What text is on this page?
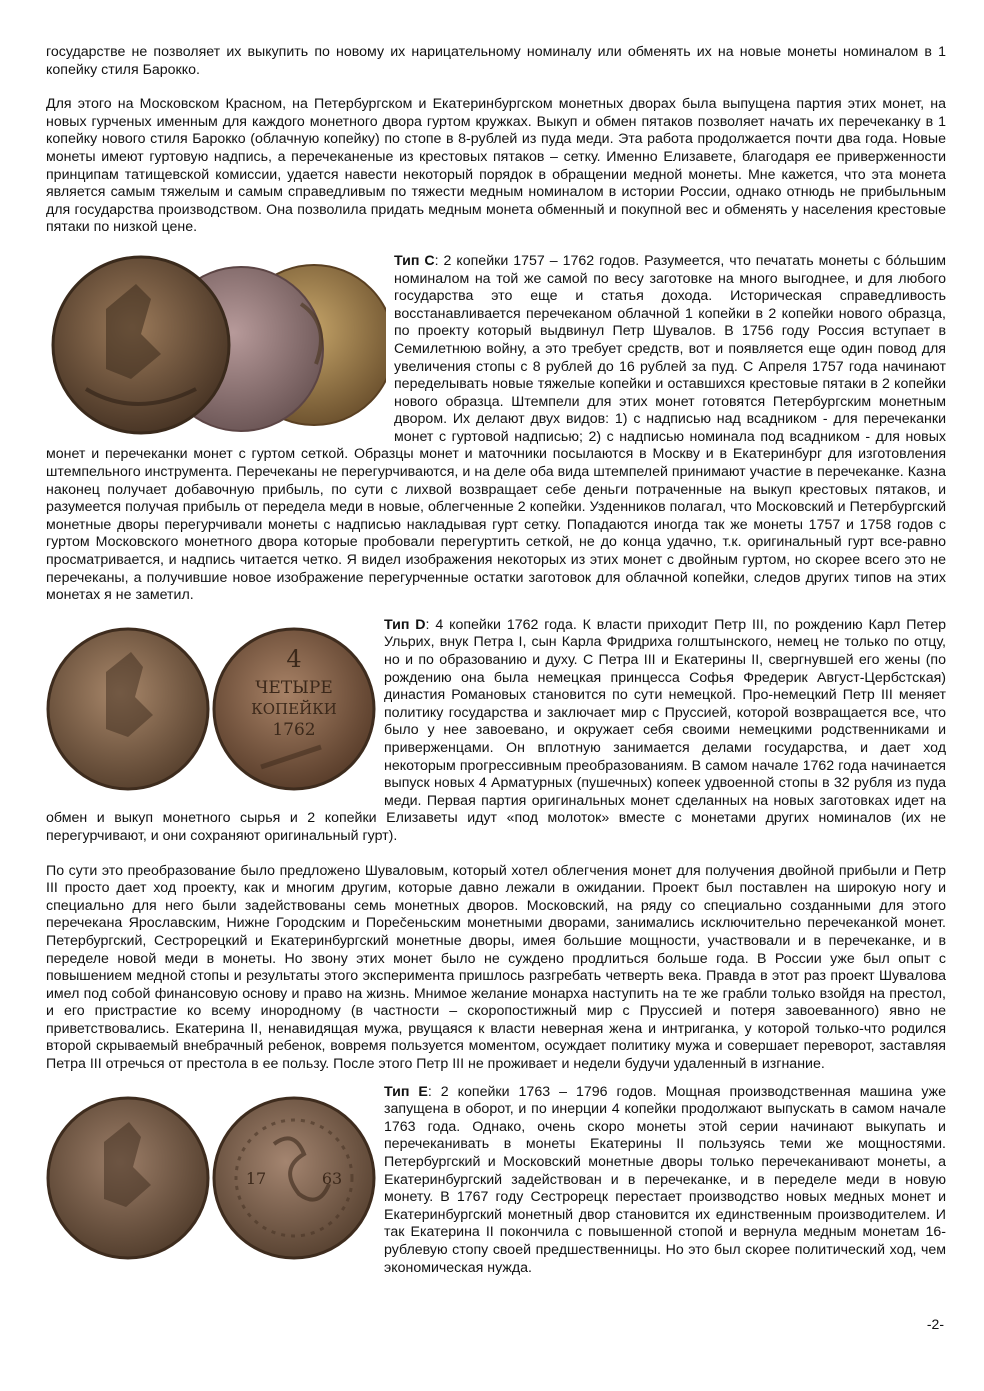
государстве не позволяет их выкупить по новому их нарицательному номиналу или обменять их на новые монеты номиналом в 1 копейку стиля Барокко.

Для этого на Московском Красном, на Петербургском и Екатеринбургском монетных дворах была выпущена партия этих монет, на новых гурченых именным для каждого монетного двора гуртом кружках. Выкуп и обмен пятаков позволяет начать их перечеканку в 1 копейку нового стиля Барокко (облачную копейку) по стопе в 8-рублей из пуда меди. Эта работа продолжается почти два года. Новые монеты имеют гуртовую надпись, а перечеканеные из крестовых пятаков – сетку. Именно Елизавете, благодаря ее приверженности принципам татищевской комиссии, удается навести некоторый порядок в обращении медной монеты. Мне кажется, что эта монета является самым тяжелым и самым справедливым по тяжести медным номиналом в истории России, однако отнюдь не прибыльным для государства производством. Она позволила придать медным монета обменный и покупной вес и обменять у населения крестовые пятаки по низкой цене.

Тип С: 2 копейки 1757 – 1762 годов. Разумеется, что печатать монеты с бо́льшим номиналом на той же самой по весу заготовке на много выгоднее, и для любого государства это еще и статья дохода. Историческая справедливость восстанавливается перечеканом облачной 1 копейки в 2 копейки нового образца, по проекту который выдвинул Петр Шувалов. В 1756 году Россия вступает в Семилетнюю войну, а это требует средств, вот и появляется еще один повод для увеличения стопы с 8 рублей до 16 рублей за пуд. С Апреля 1757 года начинают переделывать новые тяжелые копейки и оставшихся крестовые пятаки в 2 копейки нового образца. Штемпели для этих монет готовятся Петербургским монетным двором. Их делают двух видов: 1) с надписью над всадником - для перечеканки монет с гуртовой надписью; 2) с надписью номинала под всадником - для новых монет и перечеканки монет с гуртом сеткой. Образцы монет и маточники посылаются в Москву и в Екатеринбург для изготовления штемпельного инструмента. Перечеканы не перегурчиваются, и на деле оба вида штемпелей принимают участие в перечеканке. Казна наконец получает добавочную прибыль, по сути с лихвой возвращает себе деньги потраченные на выкуп крестовых пятаков, и разумеется получая прибыль от передела меди в новые, облегченные 2 копейки. Узденников полагал, что Московский и Петербургский монетные дворы перегурчивали монеты с надписью накладывая гурт сетку. Попадаются иногда так же монеты 1757 и 1758 годов с гуртом Московского монетного двора которые пробовали перегуртить сеткой, не до конца удачно, т.к. оригинальный гурт все-равно просматривается, и надпись читается четко. Я видел изображения некоторых из этих монет с двойным гуртом, но скорее всего это не перечеканы, а получившие новое изображение перегурченные остатки заготовок для облачной копейки, следов других типов на этих монетах я не заметил.

4
ЧЕТЫРЕ
КОПЕЙКИ
1762

Тип D: 4 копейки 1762 года. К власти приходит Петр III, по рождению Карл Петер Ульрих, внук Петра I, сын Карла Фридриха голштынского, немец не только по отцу, но и по образованию и духу. С Петра III и Екатерины II, свергнувшей его жены (по рождению она была немецкая принцесса Софья Фредерик Август-Цербстская) династия Романовых становится по сути немецкой. Про-немецкий Петр III меняет политику государства и заключает мир с Пруссией, которой возвращается все, что было у нее завоевано, и окружает себя своими немецкими родственниками и приверженцами. Он вплотную занимается делами государства, и дает ход некоторым прогрессивным преобразованиям. В самом начале 1762 года начинается выпуск новых 4 Арматурных (пушечных) копеек удвоенной стопы в 32 рубля из пуда меди. Первая партия оригинальных монет сделанных на новых заготовках идет на обмен и выкуп монетного сырья и 2 копейки Елизаветы идут «под молоток» вместе с монетами других номиналов (их не перегурчивают, и они сохраняют оригинальный гурт).

По сути это преобразование было предложено Шуваловым, который хотел облегчения монет для получения двойной прибыли и Петр III просто дает ход проекту, как и многим другим, которые давно лежали в ожидании. Проект был поставлен на широкую ногу и специально для него были задействованы семь монетных дворов. Московский, на ряду со специально созданными для этого перечекана Ярославским, Нижне Городским и Порečeньским монетными дворами, занимались исключительно перечеканкой монет. Петербургский, Сестрорецкий и Екатеринбургский монетные дворы, имея большие мощности, участвовали и в перечеканке, и в переделе новой меди в монеты. Но звону этих монет было не суждено продлиться больше года. В России уже был опыт с повышением медной стопы и результаты этого эксперимента пришлось разгребать четверть века. Правда в этот раз проект Шувалова имел под собой финансовую основу и право на жизнь. Мнимое желание монарха наступить на те же грабли только взойдя на престол, и его пристрастие ко всему инородному (в частности – скоропостижный мир с Пруссией и потеря завоеванного) явно не приветствовались. Екатерина II, ненавидящая мужа, рвущаяся к власти неверная жена и интриганка, у которой только-что родился второй скрываемый внебрачный ребенок, вовремя пользуется моментом, осуждает политику мужа и совершает переворот, заставляя Петра III отречься от престола в ее пользу. После этого Петр III не проживает и недели будучи удаленный в изгнание.

17	63

Тип Е: 2 копейки 1763 – 1796 годов. Мощная производственная машина уже запущена в оборот, и по инерции 4 копейки продолжают выпускать в самом начале 1763 года. Однако, очень скоро монеты этой серии начинают выкупать и перечеканивать в монеты Екатерины II пользуясь теми же мощностями. Петербургский и Московский монетные дворы только перечеканивают монеты, а Екатеринбургский задействован и в перечеканке, и в переделе меди в новую монету. В 1767 году Сестрорецк перестает производство новых медных монет и Екатеринбургский монетный двор становится их единственным производителем. И так Екатерина II покончила с повышенной стопой и вернула медным монетам 16-рублевую стопу своей предшественницы. Но это был скорее политический ход, чем экономическая нужда.

-2-
